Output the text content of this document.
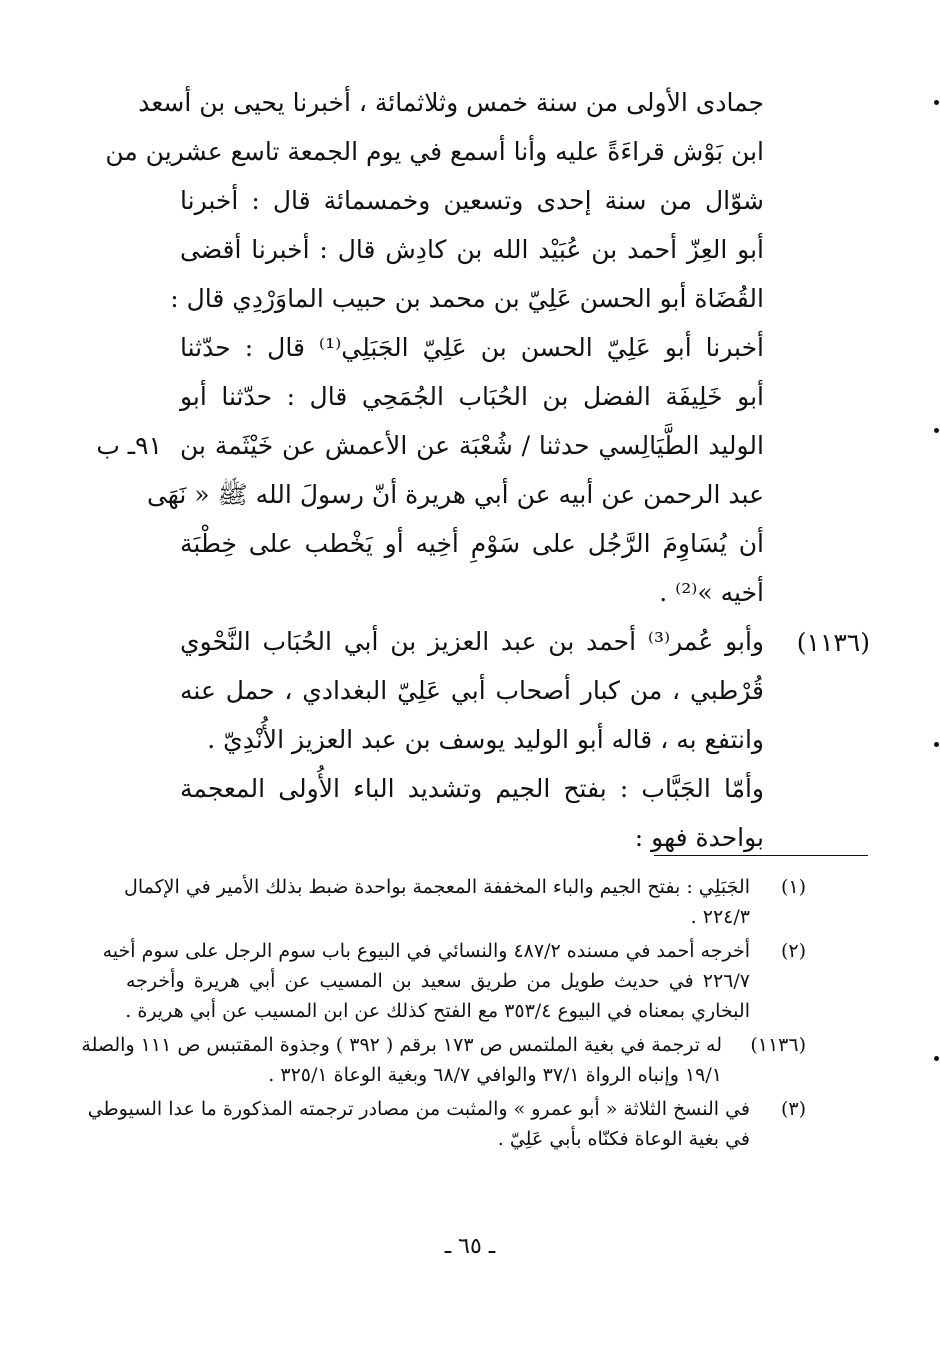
جمادى الأولى من سنة خمس وثلاثمائة ، أخبرنا يحيى بن أسعد
ابن بَوْش قراءَةً عليه وأنا أسمع في يوم الجمعة تاسع عشرين من
شوّال من سنة إحدى وتسعين وخمسمائة قال : أخبرنا
أبو العِزّ أحمد بن عُبَيْد الله بن كادِش قال : أخبرنا أقضى
القُضَاة أبو الحسن عَلِيّ بن محمد بن حبيب الماوَرْدِي قال :
أخبرنا أبو عَلِيّ الحسن بن عَلِيّ الجَبَلِي⁽¹⁾ قال : حدّثنا
أبو خَلِيفَة الفضل بن الحُبَاب الجُمَحِي قال : حدّثنا أبو
الوليد الطَّيَالِسي حدثنا / شُعْبَة عن الأعمش عن خَيْثَمة بن
عبد الرحمن عن أبيه عن أبي هريرة أنّ رسولَ الله ﷺ « نَهَى
أن يُسَاوِمَ الرَّجُل على سَوْمِ أخِيه أو يَخْطب على خِطْبَة
أخيه »⁽²⁾ .
وأبو عُمر⁽³⁾ أحمد بن عبد العزيز بن أبي الحُبَاب النَّحْوي
قُرْطبي ، من كبار أصحاب أبي عَلِيّ البغدادي ، حمل عنه
وانتفع به ، قاله أبو الوليد يوسف بن عبد العزيز الأُنْدِيّ .
وأمّا الجَبَّاب : بفتح الجيم وتشديد الباء الأُولى المعجمة
بواحدة فهو :
٩١ـ ب
(١١٣٦)
(١)
الجَبَلِي : بفتح الجيم والباء المخففة المعجمة بواحدة ضبط بذلك الأمير في الإكمال
٢٢٤/٣ .
(٢)
أخرجه أحمد في مسنده ٤٨٧/٢ والنسائي في البيوع باب سوم الرجل على سوم أخيه
٢٢٦/٧ في حديث طويل من طريق سعيد بن المسيب عن أبي هريرة وأخرجه
البخاري بمعناه في البيوع ٣٥٣/٤ مع الفتح كذلك عن ابن المسيب عن أبي هريرة .
(١١٣٦)
له ترجمة في بغية الملتمس ص ١٧٣ برقم ( ٣٩٢ ) وجذوة المقتبس ص ١١١ والصلة
١٩/١ وإنباه الرواة ٣٧/١ والوافي ٦٨/٧ وبغية الوعاة ٣٢٥/١ .
(٣)
في النسخ الثلاثة « أبو عمرو » والمثبت من مصادر ترجمته المذكورة ما عدا السيوطي
في بغية الوعاة فكنّاه بأبي عَلِيّ .
ـ ٦٥ ـ
